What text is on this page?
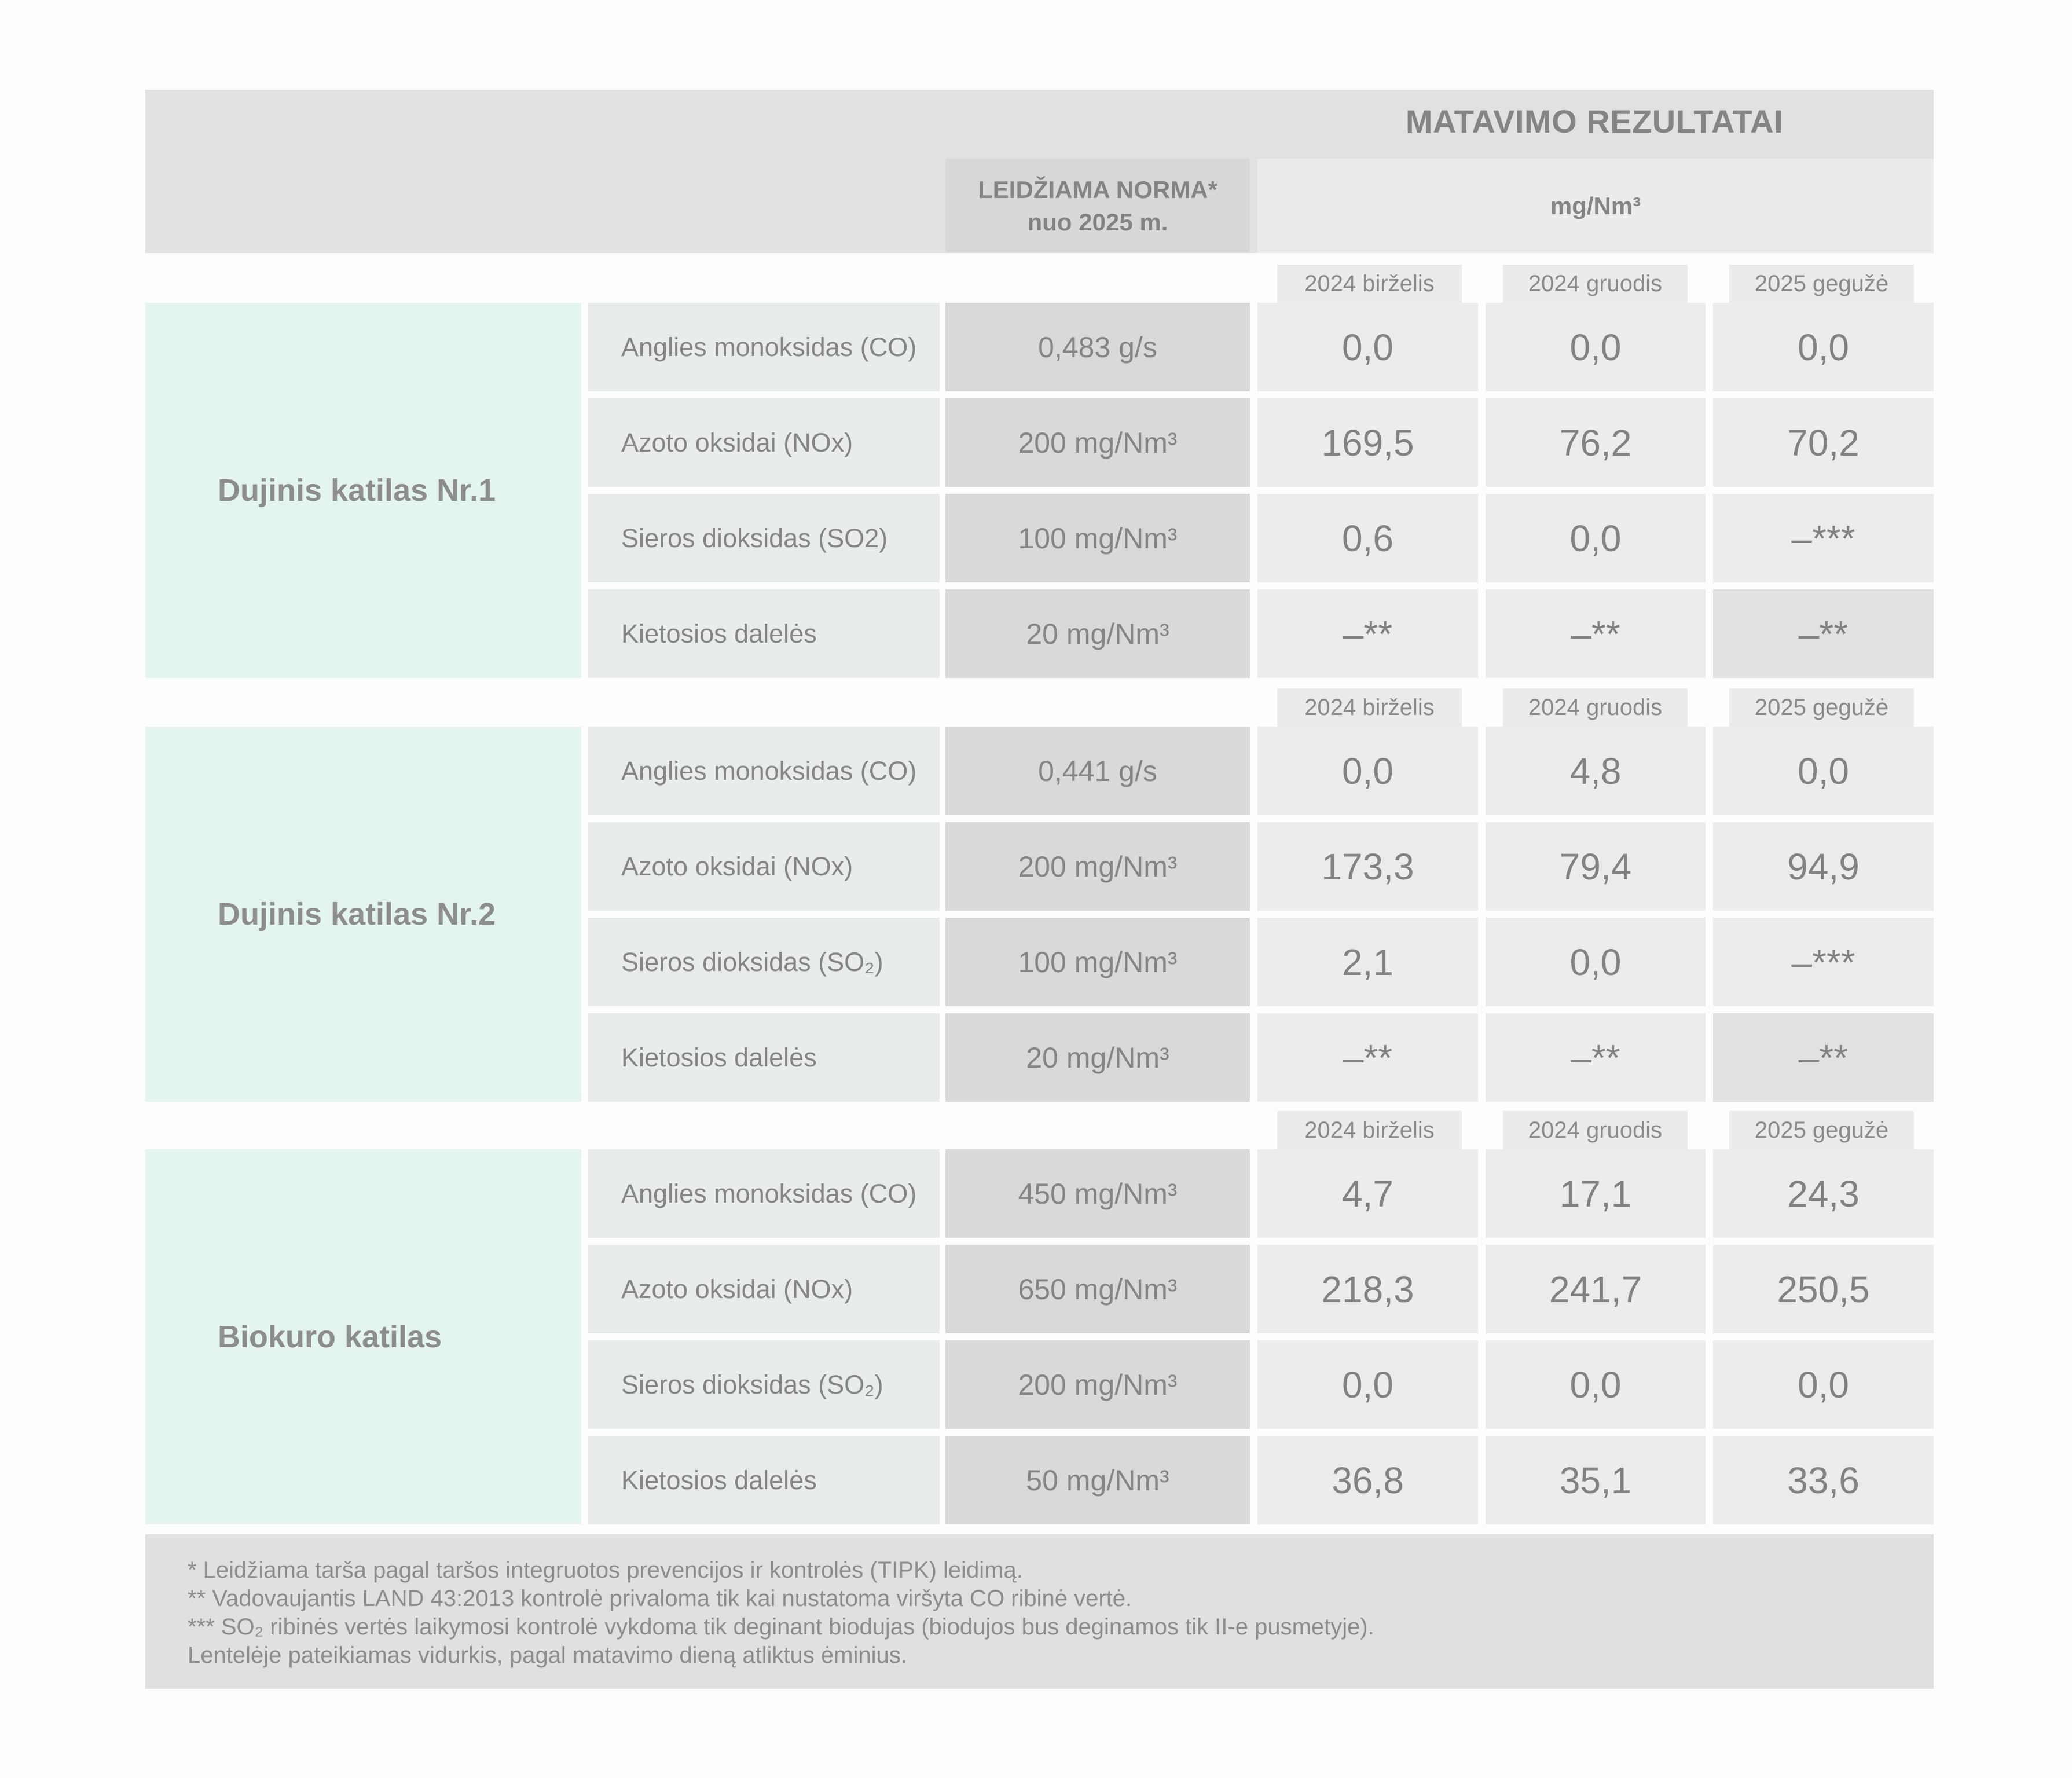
MATAVIMO REZULTATAI
LEIDŽIAMA NORMA*
nuo 2025 m.
mg/Nm³
2024 birželis	2024 gruodis	2025 gegužė
Dujinis katilas Nr.1
Anglies monoksidas (CO)	0,483 g/s	0,0	0,0	0,0
Azoto oksidai (NOx)	200 mg/Nm³	169,5	76,2	70,2
Sieros dioksidas (SO2)	100 mg/Nm³	0,6	0,0	–***
Kietosios dalelės	20 mg/Nm³	–**	–**	–**
2024 birželis	2024 gruodis	2025 gegužė
Dujinis katilas Nr.2
Anglies monoksidas (CO)	0,441 g/s	0,0	4,8	0,0
Azoto oksidai (NOx)	200 mg/Nm³	173,3	79,4	94,9
Sieros dioksidas (SO₂)	100 mg/Nm³	2,1	0,0	–***
Kietosios dalelės	20 mg/Nm³	–**	–**	–**
2024 birželis	2024 gruodis	2025 gegužė
Biokuro katilas
Anglies monoksidas (CO)	450 mg/Nm³	4,7	17,1	24,3
Azoto oksidai (NOx)	650 mg/Nm³	218,3	241,7	250,5
Sieros dioksidas (SO₂)	200 mg/Nm³	0,0	0,0	0,0
Kietosios dalelės	50 mg/Nm³	36,8	35,1	33,6
* Leidžiama tarša pagal taršos integruotos prevencijos ir kontrolės (TIPK) leidimą.
** Vadovaujantis LAND 43:2013 kontrolė privaloma tik kai nustatoma viršyta CO ribinė vertė.
*** SO₂ ribinės vertės laikymosi kontrolė vykdoma tik deginant biodujas (biodujos bus deginamos tik II-e pusmetyje).
Lentelėje pateikiamas vidurkis, pagal matavimo dieną atliktus ėminius.
